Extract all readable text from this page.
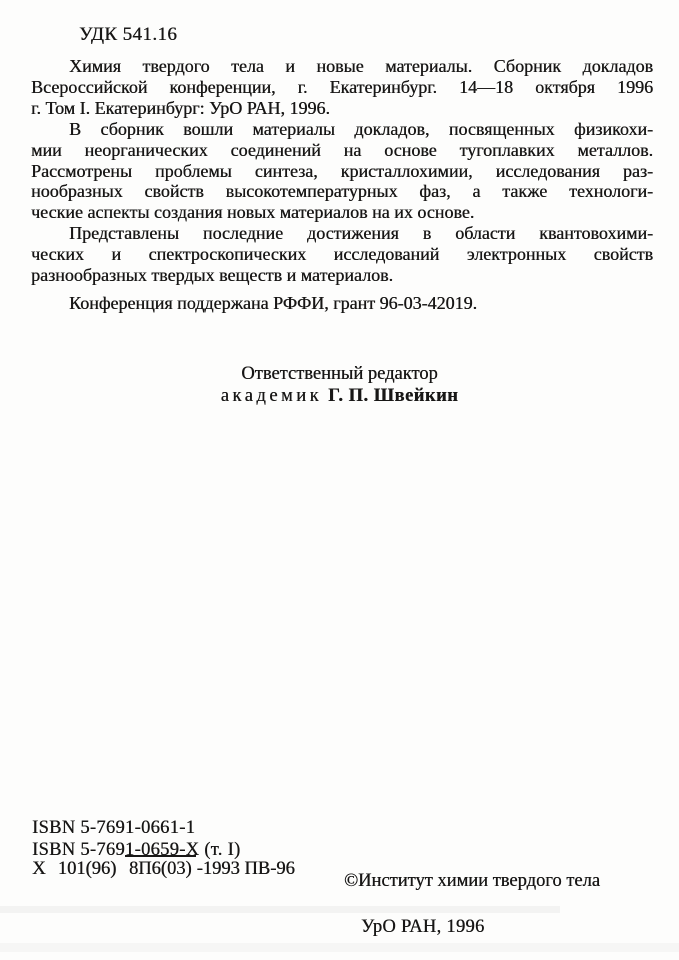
УДК 541.16
Химия твердого тела и новые материалы. Сборник докладов
Всероссийской конференции, г. Екатеринбург. 14—18 октября 1996
г. Том I. Екатеринбург: УрО РАН, 1996.
В сборник вошли материалы докладов, посвященных физикохи-
мии неорганических соединений на основе тугоплавких металлов.
Рассмотрены проблемы синтеза, кристаллохимии, исследования раз-
нообразных свойств высокотемпературных фаз, а также технологи-
ческие аспекты создания новых материалов на их основе.
Представлены последние достижения в области квантовохими-
ческих и спектроскопических исследований электронных свойств
разнообразных твердых веществ и материалов.
Конференция поддержана РФФИ, грант 96-03-42019.
Ответственный редактор
академик Г. П. Швейкин
ISBN 5-7691-0661-1
ISBN 5-7691-0659-X (т. I)
Х 101(96) 8П6(03) -1993 ПВ-96
©Институт химии твердого тела
УрО РАН, 1996
